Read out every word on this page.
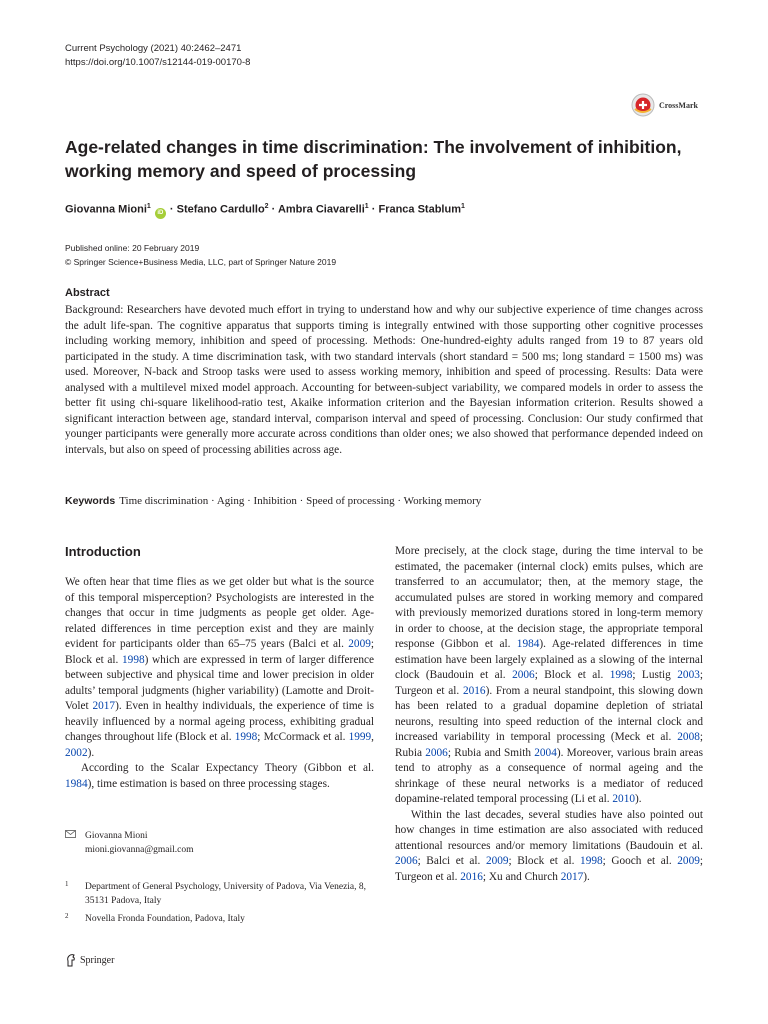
Current Psychology (2021) 40:2462–2471
https://doi.org/10.1007/s12144-019-00170-8
CrossMark
Age-related changes in time discrimination: The involvement of inhibition, working memory and speed of processing
Giovanna Mioni$^1$ iD · Stefano Cardullo$^2$ · Ambra Ciavarelli$^1$ · Franca Stablum$^1$
Published online: 20 February 2019
© Springer Science+Business Media, LLC, part of Springer Nature 2019
Abstract

Background: Researchers have devoted much effort in trying to understand how and why our subjective experience of time changes across the adult life-span. The cognitive apparatus that supports timing is integrally entwined with those supporting other cognitive processes including working memory, inhibition and speed of processing. Methods: One-hundred-eighty adults ranged from 19 to 87 years old participated in the study. A time discrimination task, with two standard intervals (short standard = 500 ms; long standard = 1500 ms) was used. Moreover, N-back and Stroop tasks were used to assess working memory, inhibition and speed of processing. Results: Data were analysed with a multilevel mixed model approach. Accounting for between-subject variability, we compared models in order to assess the better fit using chi-square likelihood-ratio test, Akaike information criterion and the Bayesian information criterion. Results showed a significant interaction between age, standard interval, comparison interval and speed of processing. Conclusion: Our study confirmed that younger participants were generally more accurate across conditions than older ones; we also showed that performance depended indeed on intervals, but also on speed of processing abilities across age.

Keywords Time discrimination · Aging · Inhibition · Speed of processing · Working memory
Introduction

We often hear that time flies as we get older but what is the source of this temporal misperception? Psychologists are interested in the changes that occur in time judgments as people get older. Age-related differences in time perception exist and they are mainly evident for participants older than 65–75 years (Balci et al. 2009; Block et al. 1998) which are expressed in term of larger difference between subjective and physical time and lower precision in older adults’ temporal judgments (higher variability) (Lamotte and Droit-Volet 2017). Even in healthy individuals, the experience of time is heavily influenced by a normal ageing process, exhibiting gradual changes throughout life (Block et al. 1998; McCormack et al. 1999, 2002).

According to the Scalar Expectancy Theory (Gibbon et al. 1984), time estimation is based on three processing stages.

More precisely, at the clock stage, during the time interval to be estimated, the pacemaker (internal clock) emits pulses, which are transferred to an accumulator; then, at the memory stage, the accumulated pulses are stored in working memory and compared with previously memorized durations stored in long-term memory in order to choose, at the decision stage, the appropriate temporal response (Gibbon et al. 1984). Age-related differences in time estimation have been largely explained as a slowing of the internal clock (Baudouin et al. 2006; Block et al. 1998; Lustig 2003; Turgeon et al. 2016). From a neural standpoint, this slowing down has been related to a gradual dopamine depletion of striatal neurons, resulting into speed reduction of the internal clock and increased variability in temporal processing (Meck et al. 2008; Rubia 2006; Rubia and Smith 2004). Moreover, various brain areas tend to atrophy as a consequence of normal ageing and the shrinkage of these neural networks is a mediator of reduced dopamine-related temporal processing (Li et al. 2010).

Within the last decades, several studies have also pointed out how changes in time estimation are also associated with reduced attentional resources and/or memory limitations (Baudouin et al. 2006; Balci et al. 2009; Block et al. 1998; Gooch et al. 2009; Turgeon et al. 2016; Xu and Church 2017).

Giovanna Mioni
mioni.giovanna@gmail.com
1	Department of General Psychology, University of Padova, Via Venezia, 8, 35131 Padova, Italy
2	Novella Fronda Foundation, Padova, Italy
Springer
